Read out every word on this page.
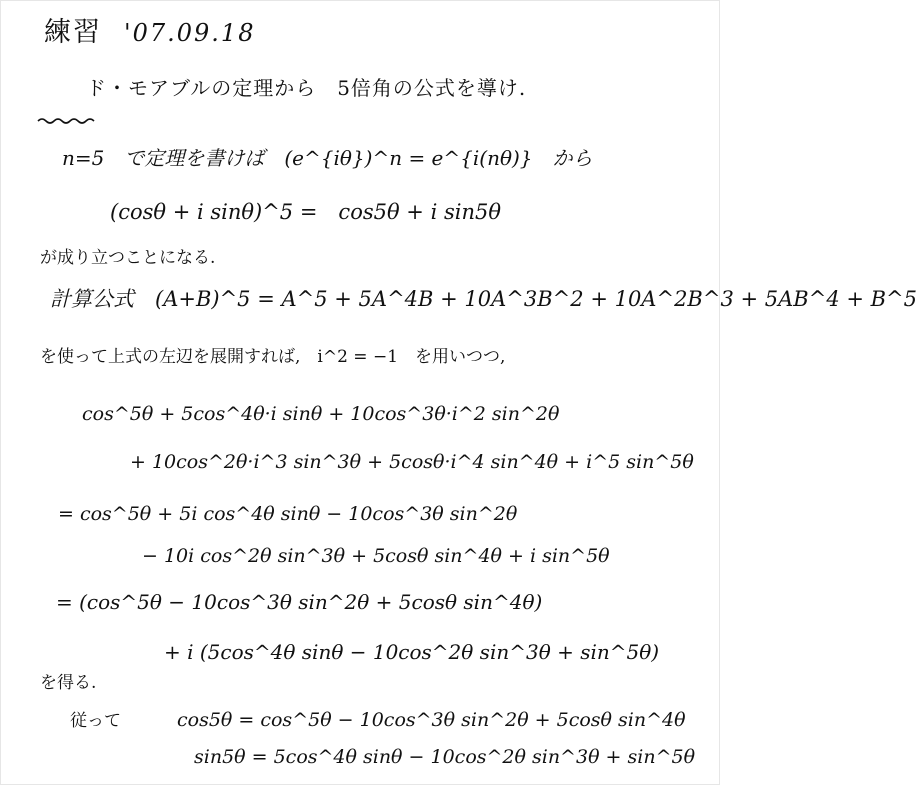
練習 '07.09.18
ド・モアブルの定理から　5倍角の公式を導け.
n=5　で定理を書けば　(e^{iθ})^n = e^{i(nθ)}　から
(cosθ + i sinθ)^5 =　cos5θ + i sin5θ
が成り立つことになる.
計算公式　(A+B)^5 = A^5 + 5A^4B + 10A^3B^2 + 10A^2B^3 + 5AB^4 + B^5
を使って上式の左辺を展開すれば,　i^2 = −1　を用いつつ,
cos^5θ + 5cos^4θ·i sinθ + 10cos^3θ·i^2 sin^2θ
+ 10cos^2θ·i^3 sin^3θ + 5cosθ·i^4 sin^4θ + i^5 sin^5θ
= cos^5θ + 5i cos^4θ sinθ − 10cos^3θ sin^2θ
− 10i cos^2θ sin^3θ + 5cosθ sin^4θ + i sin^5θ
= (cos^5θ − 10cos^3θ sin^2θ + 5cosθ sin^4θ)
+ i (5cos^4θ sinθ − 10cos^2θ sin^3θ + sin^5θ)
を得る.
従って	cos5θ = cos^5θ − 10cos^3θ sin^2θ + 5cosθ sin^4θ
sin5θ = 5cos^4θ sinθ − 10cos^2θ sin^3θ + sin^5θ
